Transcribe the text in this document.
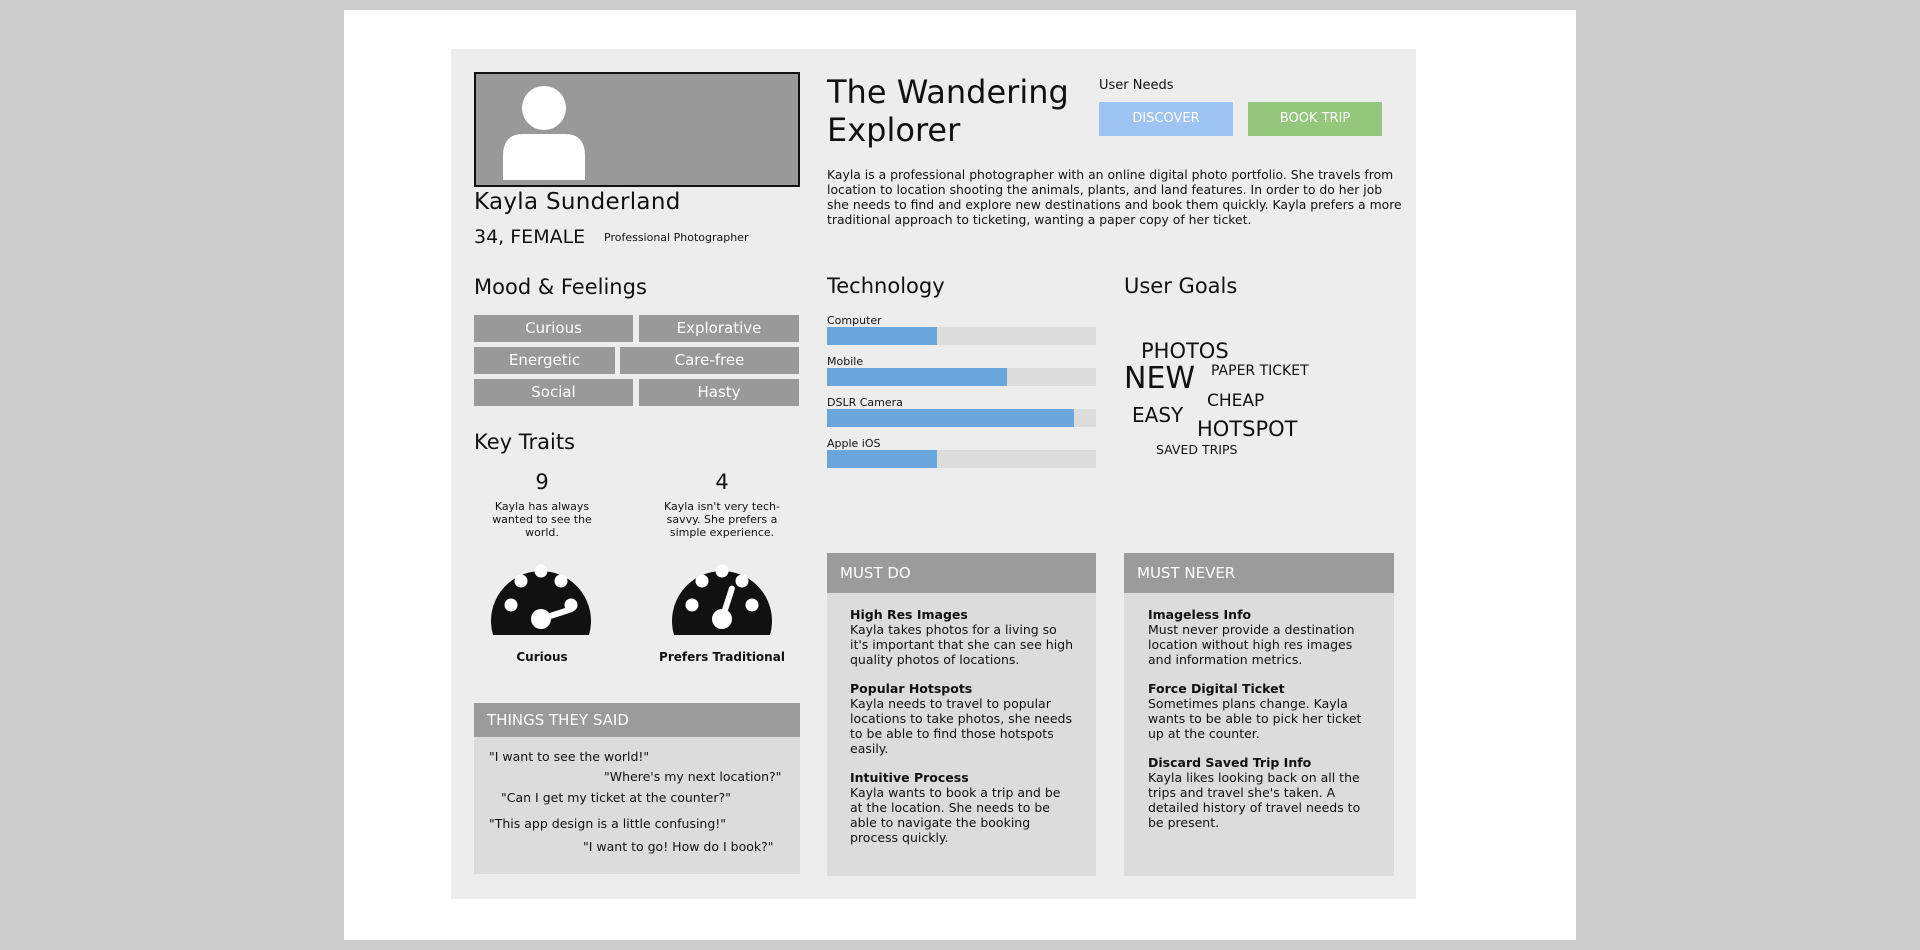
Kayla Sunderland
34, FEMALE Professional Photographer
The Wandering
Explorer
User Needs
DISCOVER	BOOK TRIP
Kayla is a professional photographer with an online digital photo portfolio. She travels from location to location shooting the animals, plants, and land features. In order to do her job she needs to find and explore new destinations and book them quickly. Kayla prefers a more traditional approach to ticketing, wanting a paper copy of her ticket.
Mood & Feelings
Curious	Explorative
Energetic	Care-free
Social	Hasty
Key Traits
9
Kayla has always wanted to see the world.
Curious
4
Kayla isn't very tech-savvy. She prefers a simple experience.
Prefers Traditional
THINGS THEY SAID
"I want to see the world!"
"Where's my next location?"
"Can I get my ticket at the counter?"
"This app design is a little confusing!"
"I want to go! How do I book?"
Technology
Computer
Mobile
DSLR Camera
Apple iOS
User Goals
PHOTOS
NEW PAPER TICKET
EASY
CHEAP
HOTSPOT
SAVED TRIPS
MUST DO
High Res Images
Kayla takes photos for a living so it's important that she can see high quality photos of locations.
Popular Hotspots
Kayla needs to travel to popular locations to take photos, she needs to be able to find those hotspots easily.
Intuitive Process
Kayla wants to book a trip and be at the location. She needs to be able to navigate the booking process quickly.
MUST NEVER
Imageless Info
Must never provide a destination location without high res images and information metrics.
Force Digital Ticket
Sometimes plans change. Kayla wants to be able to pick her ticket up at the counter.
Discard Saved Trip Info
Kayla likes looking back on all the trips and travel she's taken. A detailed history of travel needs to be present.
